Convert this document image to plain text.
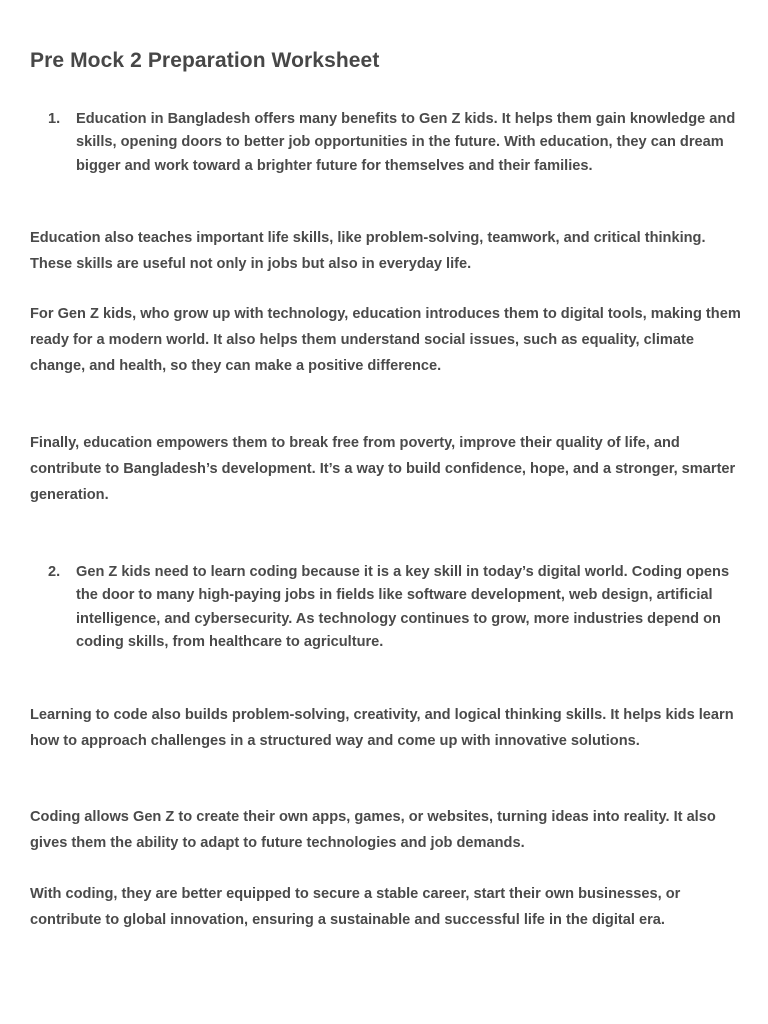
Pre Mock 2 Preparation Worksheet
1. Education in Bangladesh offers many benefits to Gen Z kids. It helps them gain knowledge and skills, opening doors to better job opportunities in the future. With education, they can dream bigger and work toward a brighter future for themselves and their families.

Education also teaches important life skills, like problem-solving, teamwork, and critical thinking. These skills are useful not only in jobs but also in everyday life.

For Gen Z kids, who grow up with technology, education introduces them to digital tools, making them ready for a modern world. It also helps them understand social issues, such as equality, climate change, and health, so they can make a positive difference.

Finally, education empowers them to break free from poverty, improve their quality of life, and contribute to Bangladesh’s development. It’s a way to build confidence, hope, and a stronger, smarter generation.

2. Gen Z kids need to learn coding because it is a key skill in today’s digital world. Coding opens the door to many high-paying jobs in fields like software development, web design, artificial intelligence, and cybersecurity. As technology continues to grow, more industries depend on coding skills, from healthcare to agriculture.

Learning to code also builds problem-solving, creativity, and logical thinking skills. It helps kids learn how to approach challenges in a structured way and come up with innovative solutions.

Coding allows Gen Z to create their own apps, games, or websites, turning ideas into reality. It also gives them the ability to adapt to future technologies and job demands.

With coding, they are better equipped to secure a stable career, start their own businesses, or contribute to global innovation, ensuring a sustainable and successful life in the digital era.
